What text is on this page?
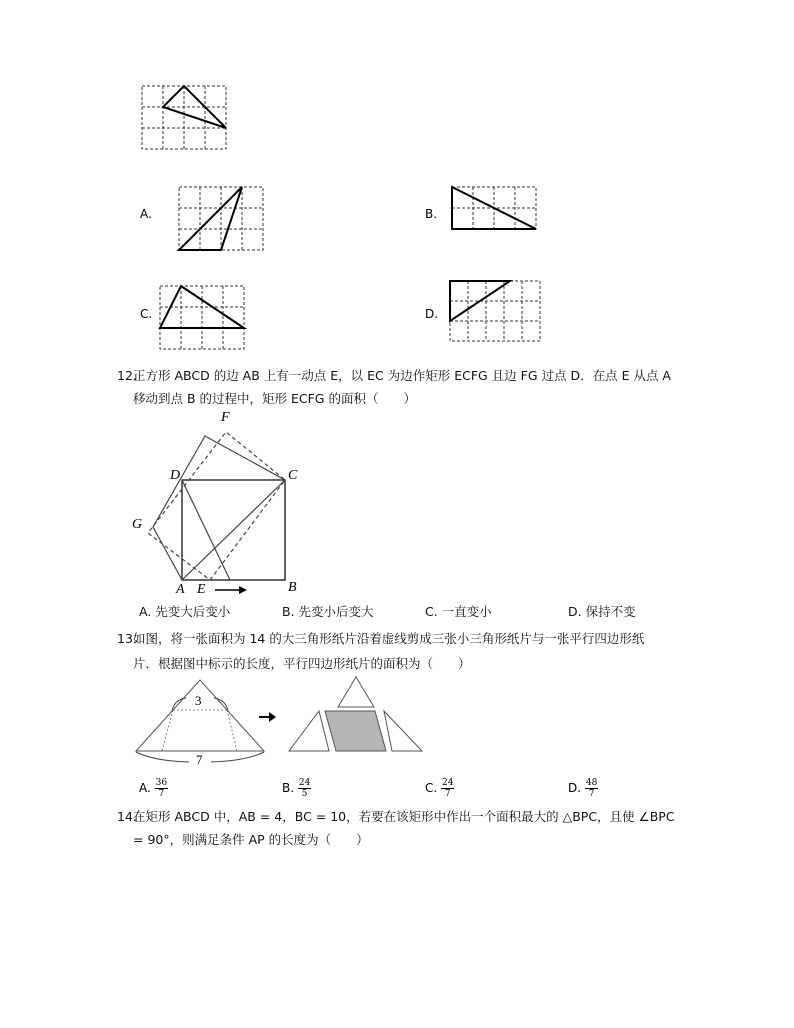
A.	B.
C.	D.
12.
正方形 ABCD 的边 AB 上有一动点 E，以 EC 为边作矩形 ECFG 且边 FG 过点 D．在点 E 从点 A
移动到点 B 的过程中，矩形 ECFG 的面积（　　）
F
D	C
G
A E	B
A. 先变大后变小	B. 先变小后变大	C. 一直变小	D. 保持不变
13.
如图，将一张面积为 14 的大三角形纸片沿着虚线剪成三张小三角形纸片与一张平行四边形纸
片．根据图中标示的长度，平行四边形纸片的面积为（　　）
3
7
A. $\frac{36}{7}$	B. $\frac{24}{5}$	C. $\frac{24}{7}$	D. $\frac{48}{7}$
14.
在矩形 ABCD 中，AB = 4，BC = 10，若要在该矩形中作出一个面积最大的 △BPC，且使 ∠BPC
= 90°，则满足条件 AP 的长度为（　　）
